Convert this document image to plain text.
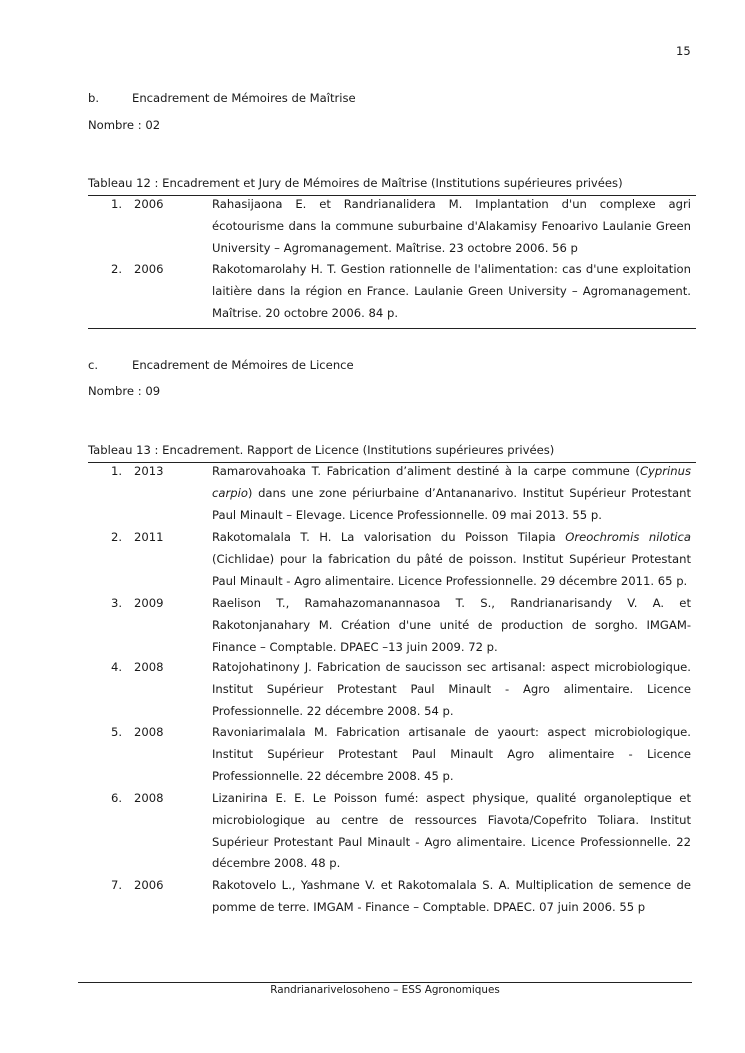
15
b.	Encadrement de Mémoires de Maîtrise
Nombre : 02
Tableau 12 : Encadrement et Jury de Mémoires de Maîtrise (Institutions supérieures privées)
1. 2006	Rahasijaona E. et Randrianalidera M. Implantation d'un complexe agri écotourisme dans la commune suburbaine d'Alakamisy Fenoarivo Laulanie Green University – Agromanagement. Maîtrise. 23 octobre 2006. 56 p
2. 2006	Rakotomarolahy H. T. Gestion rationnelle de l'alimentation: cas d'une exploitation laitière dans la région en France. Laulanie Green University – Agromanagement. Maîtrise. 20 octobre 2006. 84 p.
c.	Encadrement de Mémoires de Licence
Nombre : 09
Tableau 13 : Encadrement. Rapport de Licence (Institutions supérieures privées)
1. 2013	Ramarovahoaka T. Fabrication d’aliment destiné à la carpe commune (Cyprinus carpio) dans une zone périurbaine d’Antananarivo. Institut Supérieur Protestant Paul Minault – Elevage. Licence Professionnelle. 09 mai 2013. 55 p.
2. 2011	Rakotomalala T. H. La valorisation du Poisson Tilapia Oreochromis nilotica (Cichlidae) pour la fabrication du pâté de poisson. Institut Supérieur Protestant Paul Minault - Agro alimentaire. Licence Professionnelle. 29 décembre 2011. 65 p.
3. 2009	Raelison T., Ramahazomanannasoa T. S., Randrianarisandy V. A. et Rakotonjanahary M. Création d'une unité de production de sorgho. IMGAM- Finance – Comptable. DPAEC –13 juin 2009. 72 p.
4. 2008	Ratojohatinony J. Fabrication de saucisson sec artisanal: aspect microbiologique. Institut Supérieur Protestant Paul Minault - Agro alimentaire. Licence Professionnelle. 22 décembre 2008. 54 p.
5. 2008	Ravoniarimalala M. Fabrication artisanale de yaourt: aspect microbiologique. Institut Supérieur Protestant Paul Minault Agro alimentaire - Licence Professionnelle. 22 décembre 2008. 45 p.
6. 2008	Lizanirina E. E. Le Poisson fumé: aspect physique, qualité organoleptique et microbiologique au centre de ressources Fiavota/Copefrito Toliara. Institut Supérieur Protestant Paul Minault - Agro alimentaire. Licence Professionnelle. 22 décembre 2008. 48 p.
7. 2006	Rakotovelo L., Yashmane V. et Rakotomalala S. A. Multiplication de semence de pomme de terre. IMGAM - Finance – Comptable. DPAEC. 07 juin 2006. 55 p
Randrianarivelosoheno – ESS Agronomiques
